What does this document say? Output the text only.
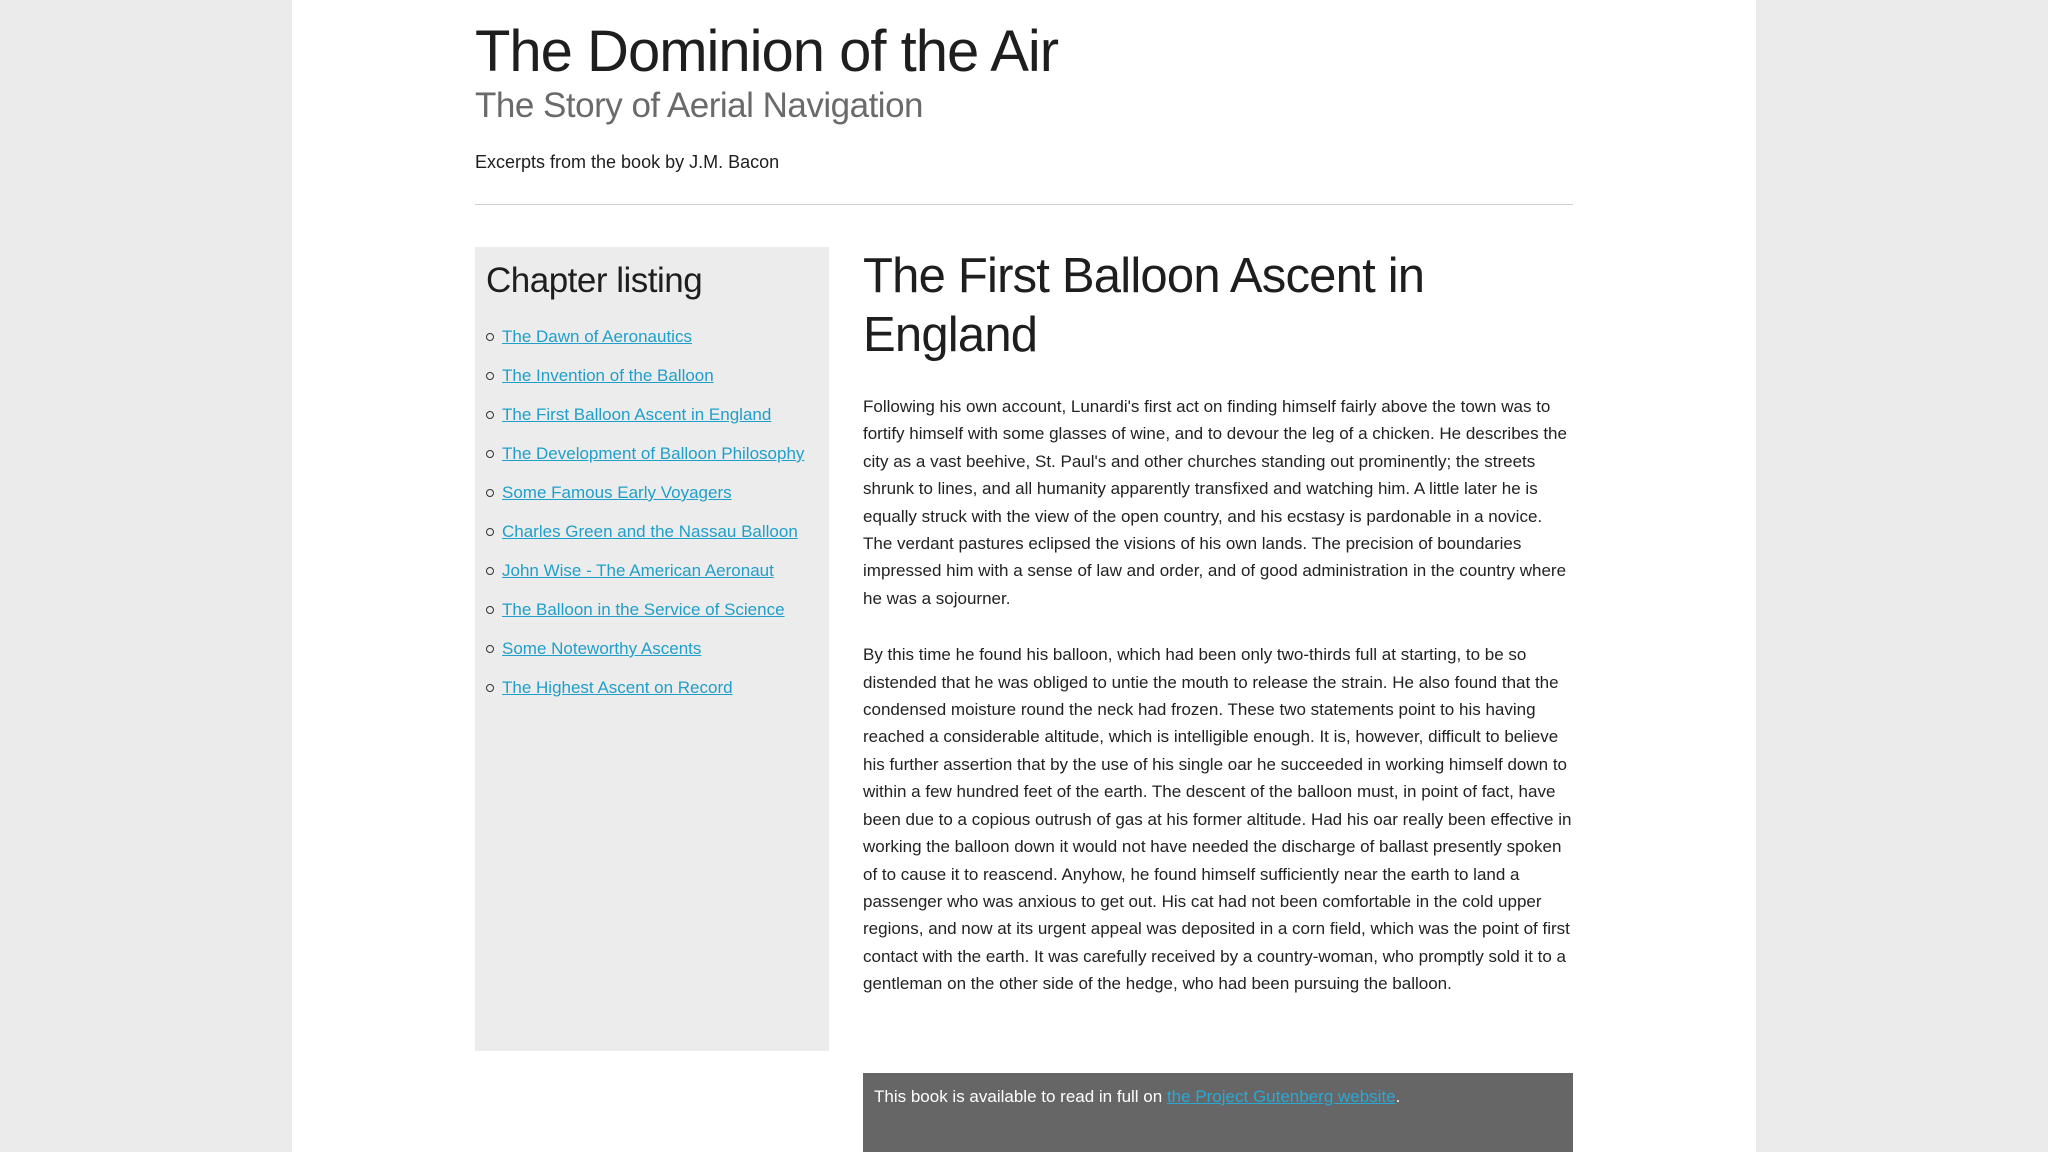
The Dominion of the Air
The Story of Aerial Navigation

Excerpts from the book by J.M. Bacon

Chapter listing
The Dawn of Aeronautics
The Invention of the Balloon
The First Balloon Ascent in England
The Development of Balloon Philosophy
Some Famous Early Voyagers
Charles Green and the Nassau Balloon
John Wise - The American Aeronaut
The Balloon in the Service of Science
Some Noteworthy Ascents
The Highest Ascent on Record
The First Balloon Ascent in England

Following his own account, Lunardi's first act on finding himself fairly above the town was to fortify himself with some glasses of wine, and to devour the leg of a chicken. He describes the city as a vast beehive, St. Paul's and other churches standing out prominently; the streets shrunk to lines, and all humanity apparently transfixed and watching him. A little later he is equally struck with the view of the open country, and his ecstasy is pardonable in a novice. The verdant pastures eclipsed the visions of his own lands. The precision of boundaries impressed him with a sense of law and order, and of good administration in the country where he was a sojourner.

By this time he found his balloon, which had been only two-thirds full at starting, to be so distended that he was obliged to untie the mouth to release the strain. He also found that the condensed moisture round the neck had frozen. These two statements point to his having reached a considerable altitude, which is intelligible enough. It is, however, difficult to believe his further assertion that by the use of his single oar he succeeded in working himself down to within a few hundred feet of the earth. The descent of the balloon must, in point of fact, have been due to a copious outrush of gas at his former altitude. Had his oar really been effective in working the balloon down it would not have needed the discharge of ballast presently spoken of to cause it to reascend. Anyhow, he found himself sufficiently near the earth to land a passenger who was anxious to get out. His cat had not been comfortable in the cold upper regions, and now at its urgent appeal was deposited in a corn field, which was the point of first contact with the earth. It was carefully received by a country-woman, who promptly sold it to a gentleman on the other side of the hedge, who had been pursuing the balloon.

This book is available to read in full on the Project Gutenberg website.
